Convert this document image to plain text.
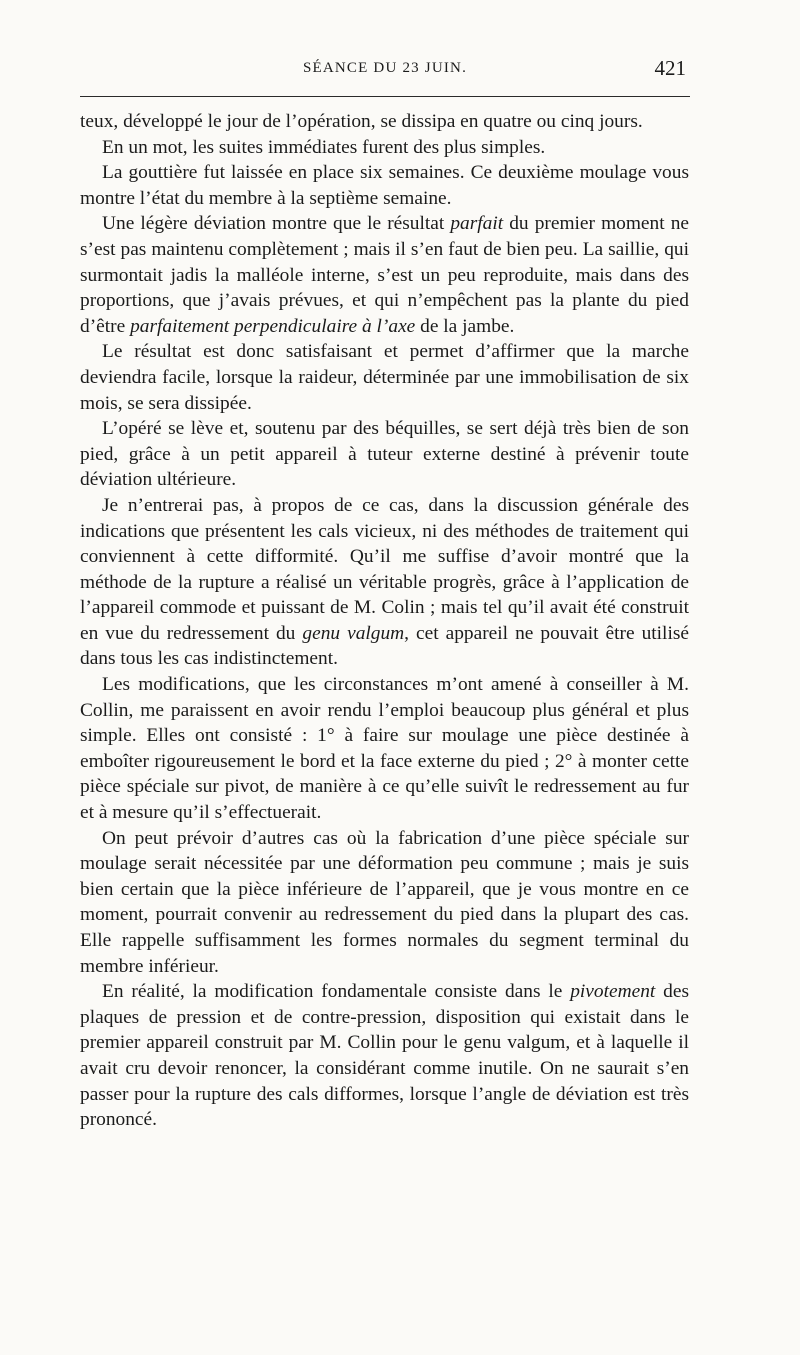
SÉANCE DU 23 JUIN.	421

teux, développé le jour de l’opération, se dissipa en quatre ou cinq jours.

En un mot, les suites immédiates furent des plus simples.

La gouttière fut laissée en place six semaines. Ce deuxième moulage vous montre l’état du membre à la septième semaine.

Une légère déviation montre que le résultat parfait du premier moment ne s’est pas maintenu complètement ; mais il s’en faut de bien peu. La saillie, qui surmontait jadis la malléole interne, s’est un peu reproduite, mais dans des proportions, que j’avais prévues, et qui n’empêchent pas la plante du pied d’être parfaitement perpendiculaire à l’axe de la jambe.

Le résultat est donc satisfaisant et permet d’affirmer que la marche deviendra facile, lorsque la raideur, déterminée par une immobilisation de six mois, se sera dissipée.

L’opéré se lève et, soutenu par des béquilles, se sert déjà très bien de son pied, grâce à un petit appareil à tuteur externe destiné à prévenir toute déviation ultérieure.

Je n’entrerai pas, à propos de ce cas, dans la discussion générale des indications que présentent les cals vicieux, ni des méthodes de traitement qui conviennent à cette difformité. Qu’il me suffise d’avoir montré que la méthode de la rupture a réalisé un véritable progrès, grâce à l’application de l’appareil commode et puissant de M. Colin ; mais tel qu’il avait été construit en vue du redressement du genu valgum, cet appareil ne pouvait être utilisé dans tous les cas indistinctement.

Les modifications, que les circonstances m’ont amené à conseiller à M. Collin, me paraissent en avoir rendu l’emploi beaucoup plus général et plus simple. Elles ont consisté : 1° à faire sur moulage une pièce destinée à emboîter rigoureusement le bord et la face externe du pied ; 2° à monter cette pièce spéciale sur pivot, de manière à ce qu’elle suivît le redressement au fur et à mesure qu’il s’effectuerait.

On peut prévoir d’autres cas où la fabrication d’une pièce spéciale sur moulage serait nécessitée par une déformation peu commune ; mais je suis bien certain que la pièce inférieure de l’appareil, que je vous montre en ce moment, pourrait convenir au redressement du pied dans la plupart des cas. Elle rappelle suffisamment les formes normales du segment terminal du membre inférieur.

En réalité, la modification fondamentale consiste dans le pivotement des plaques de pression et de contre-pression, disposition qui existait dans le premier appareil construit par M. Collin pour le genu valgum, et à laquelle il avait cru devoir renoncer, la considérant comme inutile. On ne saurait s’en passer pour la rupture des cals difformes, lorsque l’angle de déviation est très prononcé.
